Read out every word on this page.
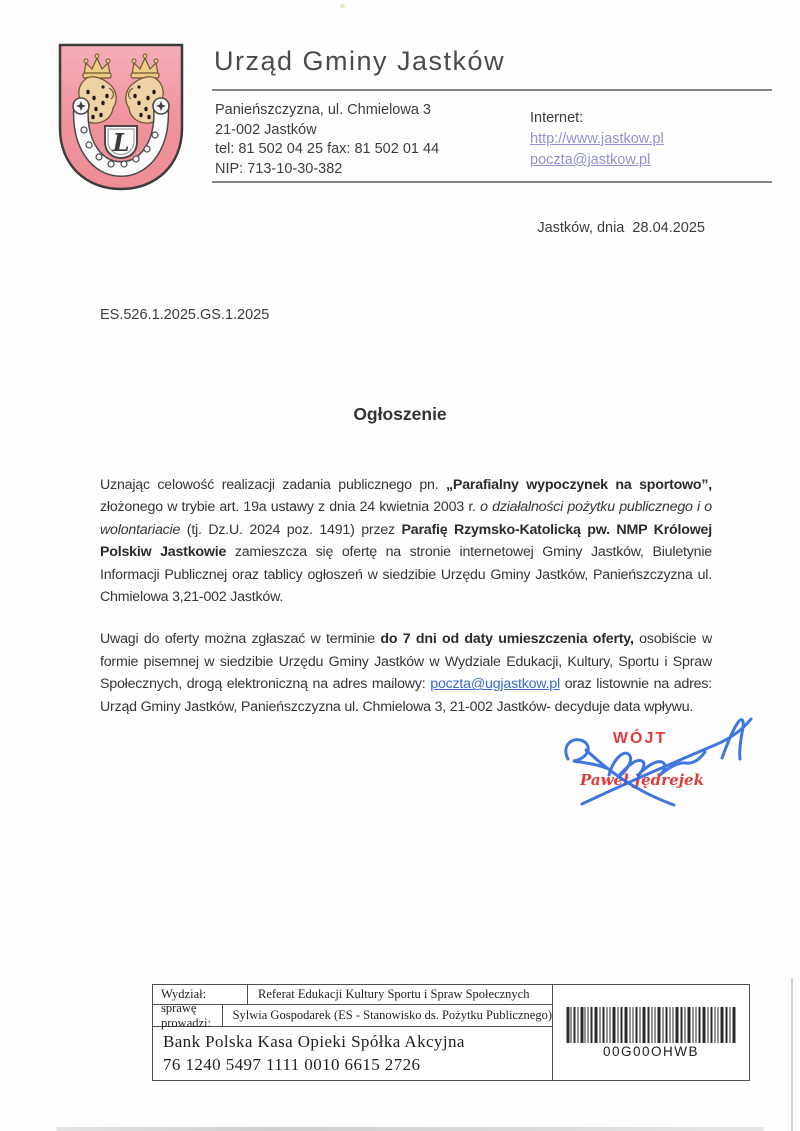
L
Urząd Gminy Jastków
Panieńszczyzna, ul. Chmielowa 3
21-002 Jastków
tel: 81 502 04 25 fax: 81 502 01 44
NIP: 713-10-30-382
Internet:
http://www.jastkow.pl
poczta@jastkow.pl
Jastków, dnia  28.04.2025
ES.526.1.2025.GS.1.2025
Ogłoszenie

Uznając celowość realizacji zadania publicznego pn. „Parafialny wypoczynek na sportowo”, złożonego w trybie art. 19a ustawy z dnia 24 kwietnia 2003 r. o działalności pożytku publicznego i o wolontariacie (tj. Dz.U. 2024 poz. 1491) przez Parafię Rzymsko-Katolicką pw. NMP Królowej Polskiw Jastkowie zamieszcza się ofertę na stronie internetowej Gminy Jastków, Biuletynie Informacji Publicznej oraz tablicy ogłoszeń w siedzibie Urzędu Gminy Jastków, Panieńszczyzna ul. Chmielowa 3,21-002 Jastków.

Uwagi do oferty można zgłaszać w terminie do 7 dni od daty umieszczenia oferty, osobiście w formie pisemnej w siedzibie Urzędu Gminy Jastków w Wydziale Edukacji, Kultury, Sportu i Spraw Społecznych, drogą elektroniczną na adres mailowy: poczta@ugjastkow.pl oraz listownie na adres: Urząd Gminy Jastków, Panieńszczyzna ul. Chmielowa 3, 21-002 Jastków- decyduje data wpływu.

WÓJT
Paweł Jędrejek
Wydział:	Referat Edukacji Kultury Sportu i Spraw Społecznych
sprawę prowadzi:
Sylwia Gospodarek (ES - Stanowisko ds. Pożytku Publicznego)
Bank Polska Kasa Opieki Spółka Akcyjna
76 1240 5497 1111 0010 6615 2726
00G00OHWB
